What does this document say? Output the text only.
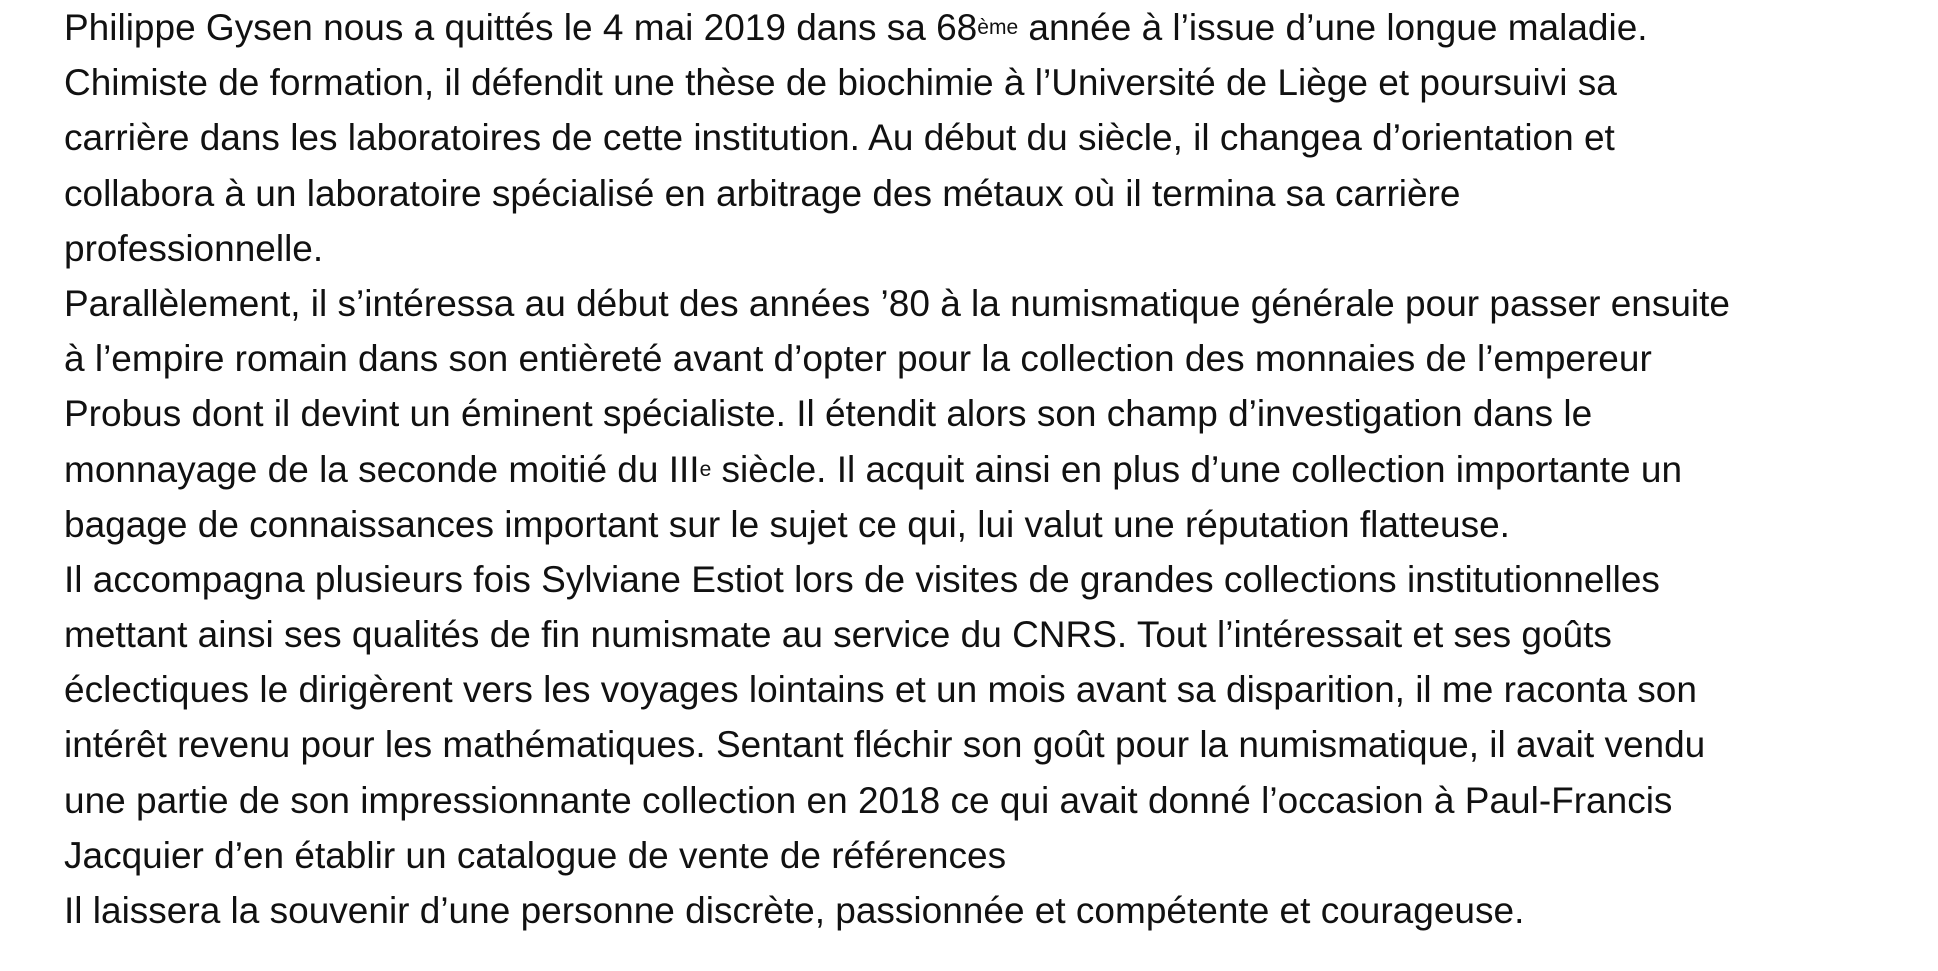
Philippe Gysen nous a quittés le 4 mai 2019 dans sa 68ème année à l’issue d’une longue maladie.
Chimiste de formation, il défendit une thèse de biochimie à l’Université de Liège et poursuivi sa
carrière dans les laboratoires de cette institution. Au début du siècle, il changea d’orientation et
collabora à un laboratoire spécialisé en arbitrage des métaux où il termina sa carrière
professionnelle.
Parallèlement, il s’intéressa au début des années ’80 à la numismatique générale pour passer ensuite
à l’empire romain dans son entièreté avant d’opter pour la collection des monnaies de l’empereur
Probus dont il devint un éminent spécialiste. Il étendit alors son champ d’investigation dans le
monnayage de la seconde moitié du IIIe siècle. Il acquit ainsi en plus d’une collection importante un
bagage de connaissances important sur le sujet ce qui, lui valut une réputation flatteuse.
Il accompagna plusieurs fois Sylviane Estiot lors de visites de grandes collections institutionnelles
mettant ainsi ses qualités de fin numismate au service du CNRS. Tout l’intéressait et ses goûts
éclectiques le dirigèrent vers les voyages lointains et un mois avant sa disparition, il me raconta son
intérêt revenu pour les mathématiques. Sentant fléchir son goût pour la numismatique, il avait vendu
une partie de son impressionnante collection en 2018 ce qui avait donné l’occasion à Paul-Francis
Jacquier d’en établir un catalogue de vente de références
Il laissera la souvenir d’une personne discrète, passionnée et compétente et courageuse.
